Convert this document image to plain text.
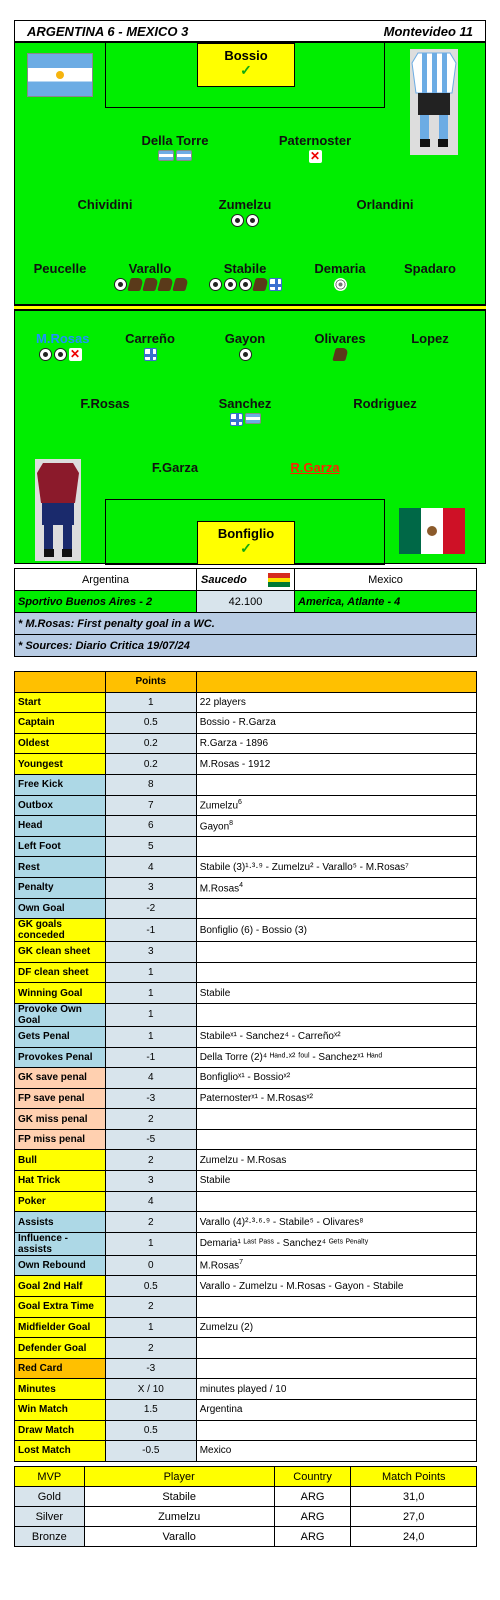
ARGENTINA 6 - MEXICO 3	Montevideo 11
Bossio
✓
Bonfiglio
✓
Della Torre	Paternoster
✕
Chividini	Zumelzu	Orlandini
Peucelle	Varallo	Stabile	Demaria	Spadaro
M.Rosas
✕
Carreño	Gayon	Olivares	Lopez
F.Rosas	Sanchez	Rodriguez
F.Garza	R.Garza
Argentina	Saucedo	Mexico
Sportivo Buenos Aires - 2	42.100	America, Atlante - 4
* M.Rosas: First penalty goal in a WC.		
* Sources: Diario Critica 19/07/24		
	Points	
Start	1	22 players
Captain	0.5	Bossio - R.Garza
Oldest	0.2	R.Garza - 1896
Youngest	0.2	M.Rosas - 1912
Free Kick	8	
Outbox	7	Zumelzu$^6$
Head	6	Gayon$^8$
Left Foot	5	
Rest	4	Stabile (3)¹·³·⁹ - Zumelzu² - Varallo⁵ - M.Rosas⁷
Penalty	3	M.Rosas$^4$
Own Goal	-2	
GK goals conceded	-1	Bonfiglio (6) - Bossio (3)
GK clean sheet	3	
DF clean sheet	1	
Winning Goal	1	Stabile
Provoke Own Goal	1	
Gets Penal	1	Stabileˣ¹ - Sanchez⁴ - Carreñoˣ²
Provokes Penal	-1	Della Torre (2)⁴ ᴴᵃⁿᵈ·ˣ² ᶠᵒᵘˡ - Sanchezˣ¹ ᴴᵃⁿᵈ
GK save penal	4	Bonfiglioˣ¹ - Bossioˣ²
FP save penal	-3	Paternosterˣ¹ - M.Rosasˣ²
GK miss penal	2	
FP miss penal	-5	
Bull	2	Zumelzu - M.Rosas
Hat Trick	3	Stabile
Poker	4	
Assists	2	Varallo (4)²·³·⁶·⁹ - Stabile⁵ - Olivares⁸
Influence - assists	1	Demaria¹ ᴸᵃˢᵗ ᴾᵃˢˢ - Sanchez⁴ ᴳᵉᵗˢ ᴾᵉⁿᵃˡᵗʸ
Own Rebound	0	M.Rosas$^7$
Goal 2nd Half	0.5	Varallo - Zumelzu - M.Rosas - Gayon - Stabile
Goal Extra Time	2	
Midfielder Goal	1	Zumelzu (2)
Defender Goal	2	
Red Card	-3	
Minutes	X / 10	minutes played / 10
Win Match	1.5	Argentina
Draw Match	0.5	
Lost Match	-0.5	Mexico
MVP	Player	Country	Match Points
Gold	Stabile	ARG	31,0
Silver	Zumelzu	ARG	27,0
Bronze	Varallo	ARG	24,0
